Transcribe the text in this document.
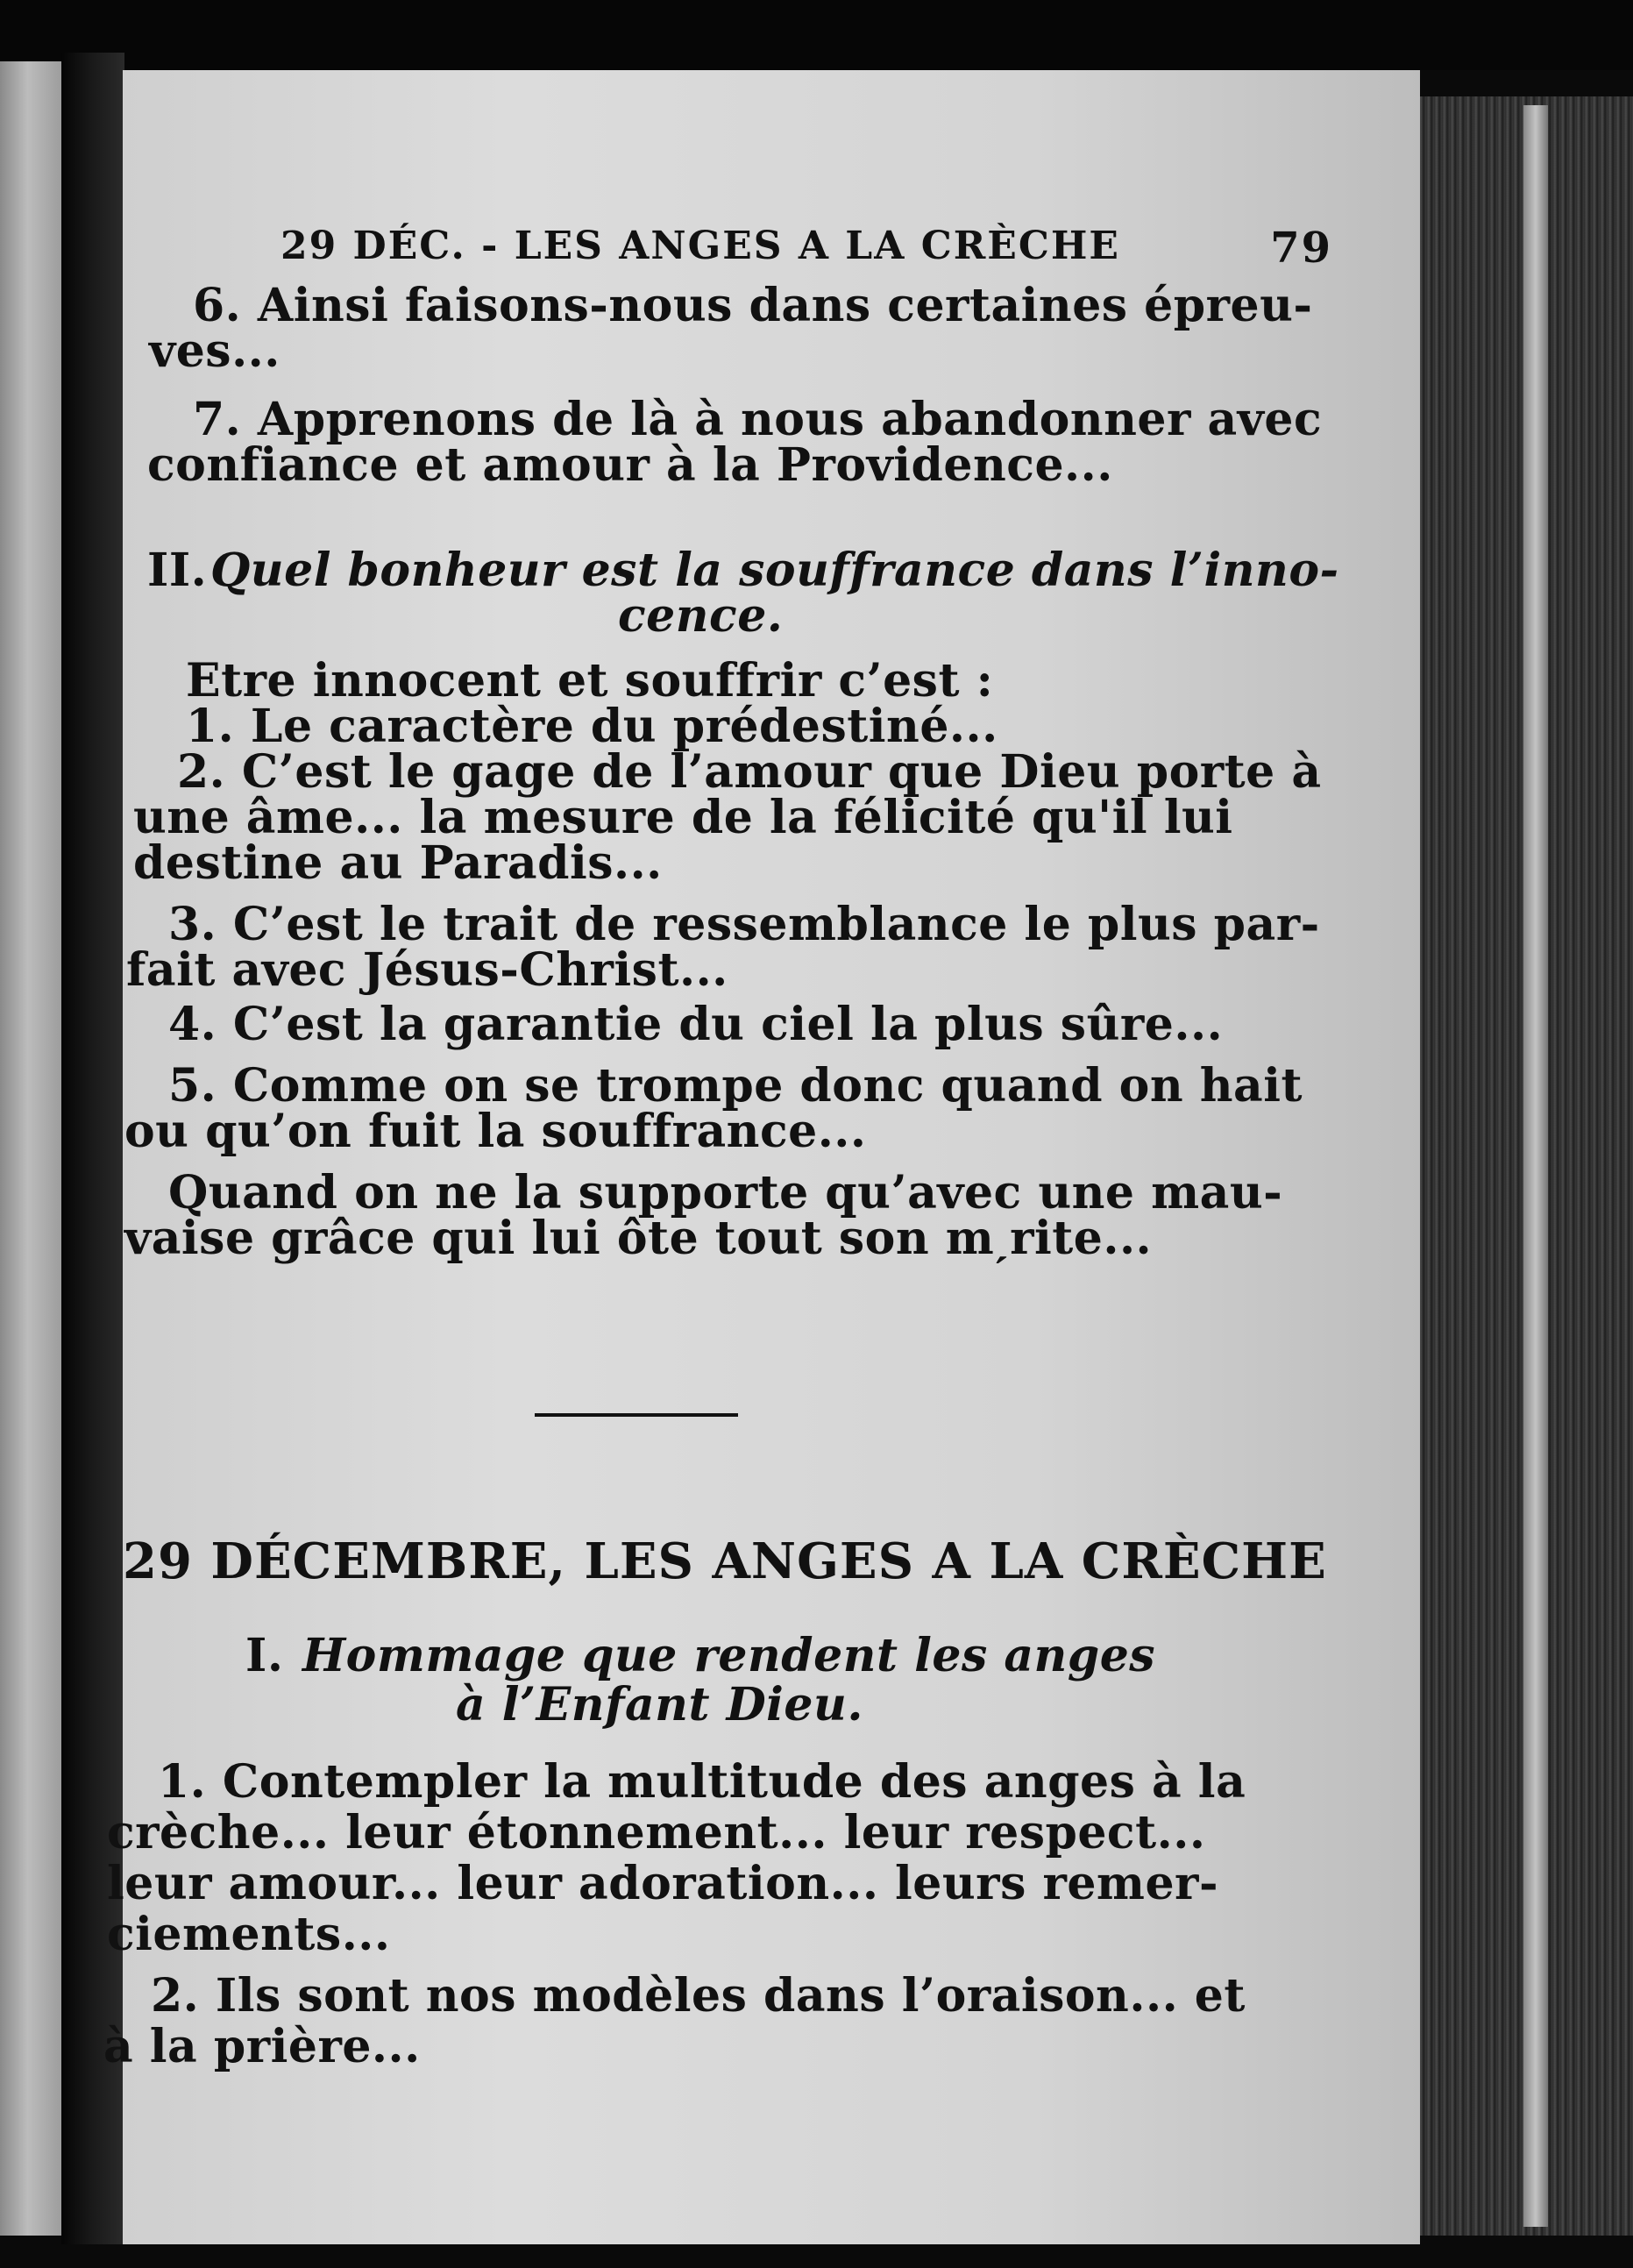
29 DÉC. - LES ANGES A LA CRÈCHE	79
6. Ainsi faisons-nous dans certaines épreu-
ves...
7. Apprenons de là à nous abandonner avec
confiance et amour à la Providence...
II. Quel bonheur est la souffrance dans l’inno-
cence.
Etre innocent et souffrir c’est :
1. Le caractère du prédestiné...
2. C’est le gage de l’amour que Dieu porte à
une âme... la mesure de la félicité qu'il lui
destine au Paradis...
3. C’est le trait de ressemblance le plus par-
fait avec Jésus-Christ...
4. C’est la garantie du ciel la plus sûre...
5. Comme on se trompe donc quand on hait
ou qu’on fuit la souffrance...
Quand on ne la supporte qu’avec une mau-
vaise grâce qui lui ôte tout son mˏrite...
29 DÉCEMBRE, LES ANGES A LA CRÈCHE
I. Hommage que rendent les anges
à l’Enfant Dieu.
1. Contempler la multitude des anges à la
crèche... leur étonnement... leur respect...
leur amour... leur adoration... leurs remer-
ciements...
2. Ils sont nos modèles dans l’oraison... et
à la prière...
